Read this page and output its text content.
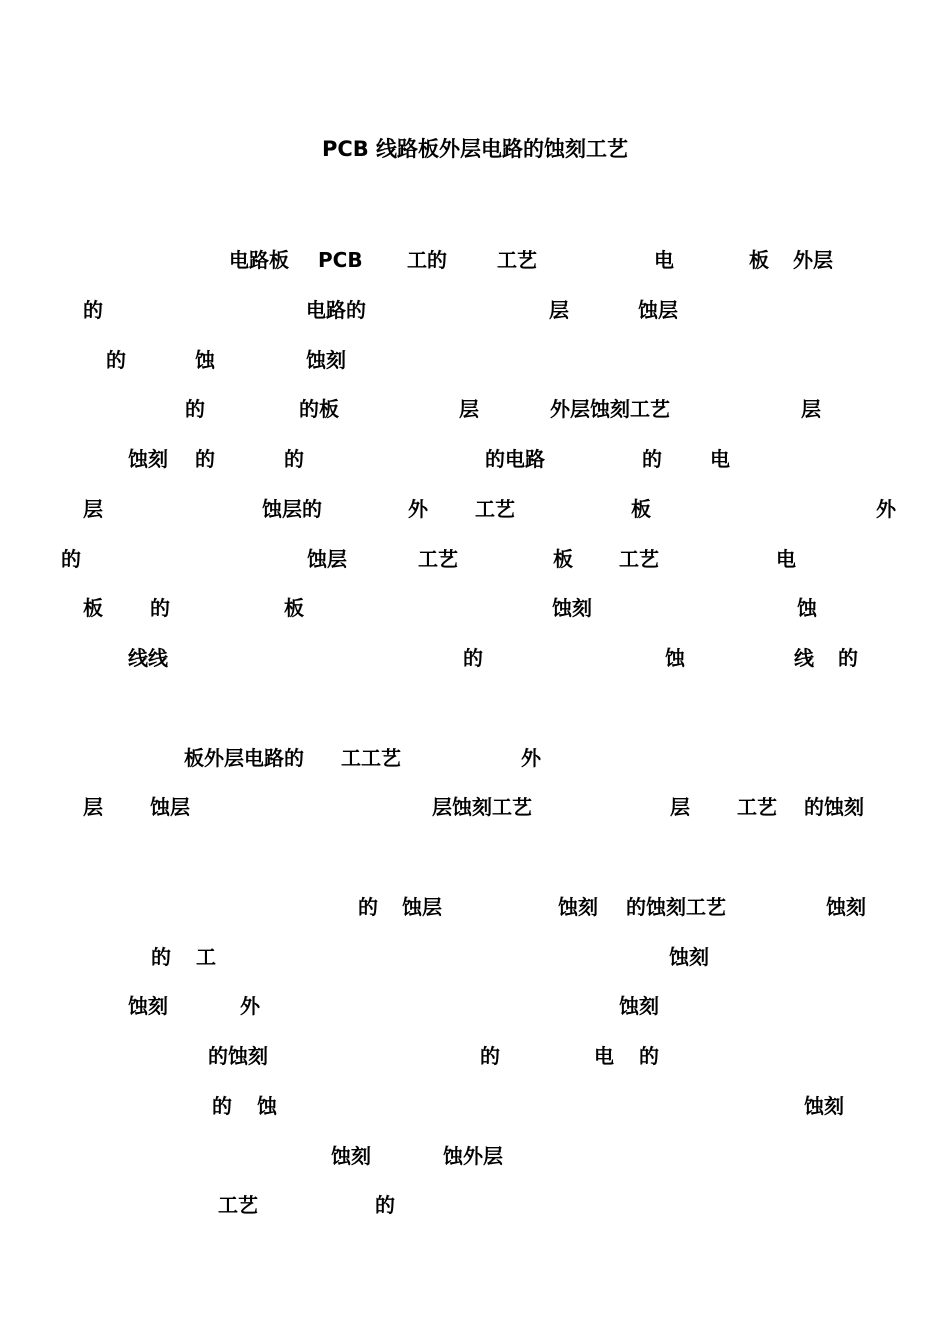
PCB 线路板外层电路的蚀刻工艺
电路板 PCB 工的	工艺	电	板 外层
的	电路的	层	蚀层
的	蚀	蚀刻
的	的板	层	外层蚀刻工艺	层
蚀刻 的	的	的电路	的 电
层	蚀层的	外 工艺	板	外
的	蚀层	工艺	板 工艺	电
板 的	板	蚀刻	蚀
线线	的	蚀	线 的
板外层电路的 工工艺	外
层 蚀层	层蚀刻工艺	层 工艺 的蚀刻
的 蚀层	蚀刻 的蚀刻工艺	蚀刻
的 工	蚀刻
蚀刻	外	蚀刻
的蚀刻	的	电 的
的 蚀	蚀刻
蚀刻	蚀外层
工艺	的
